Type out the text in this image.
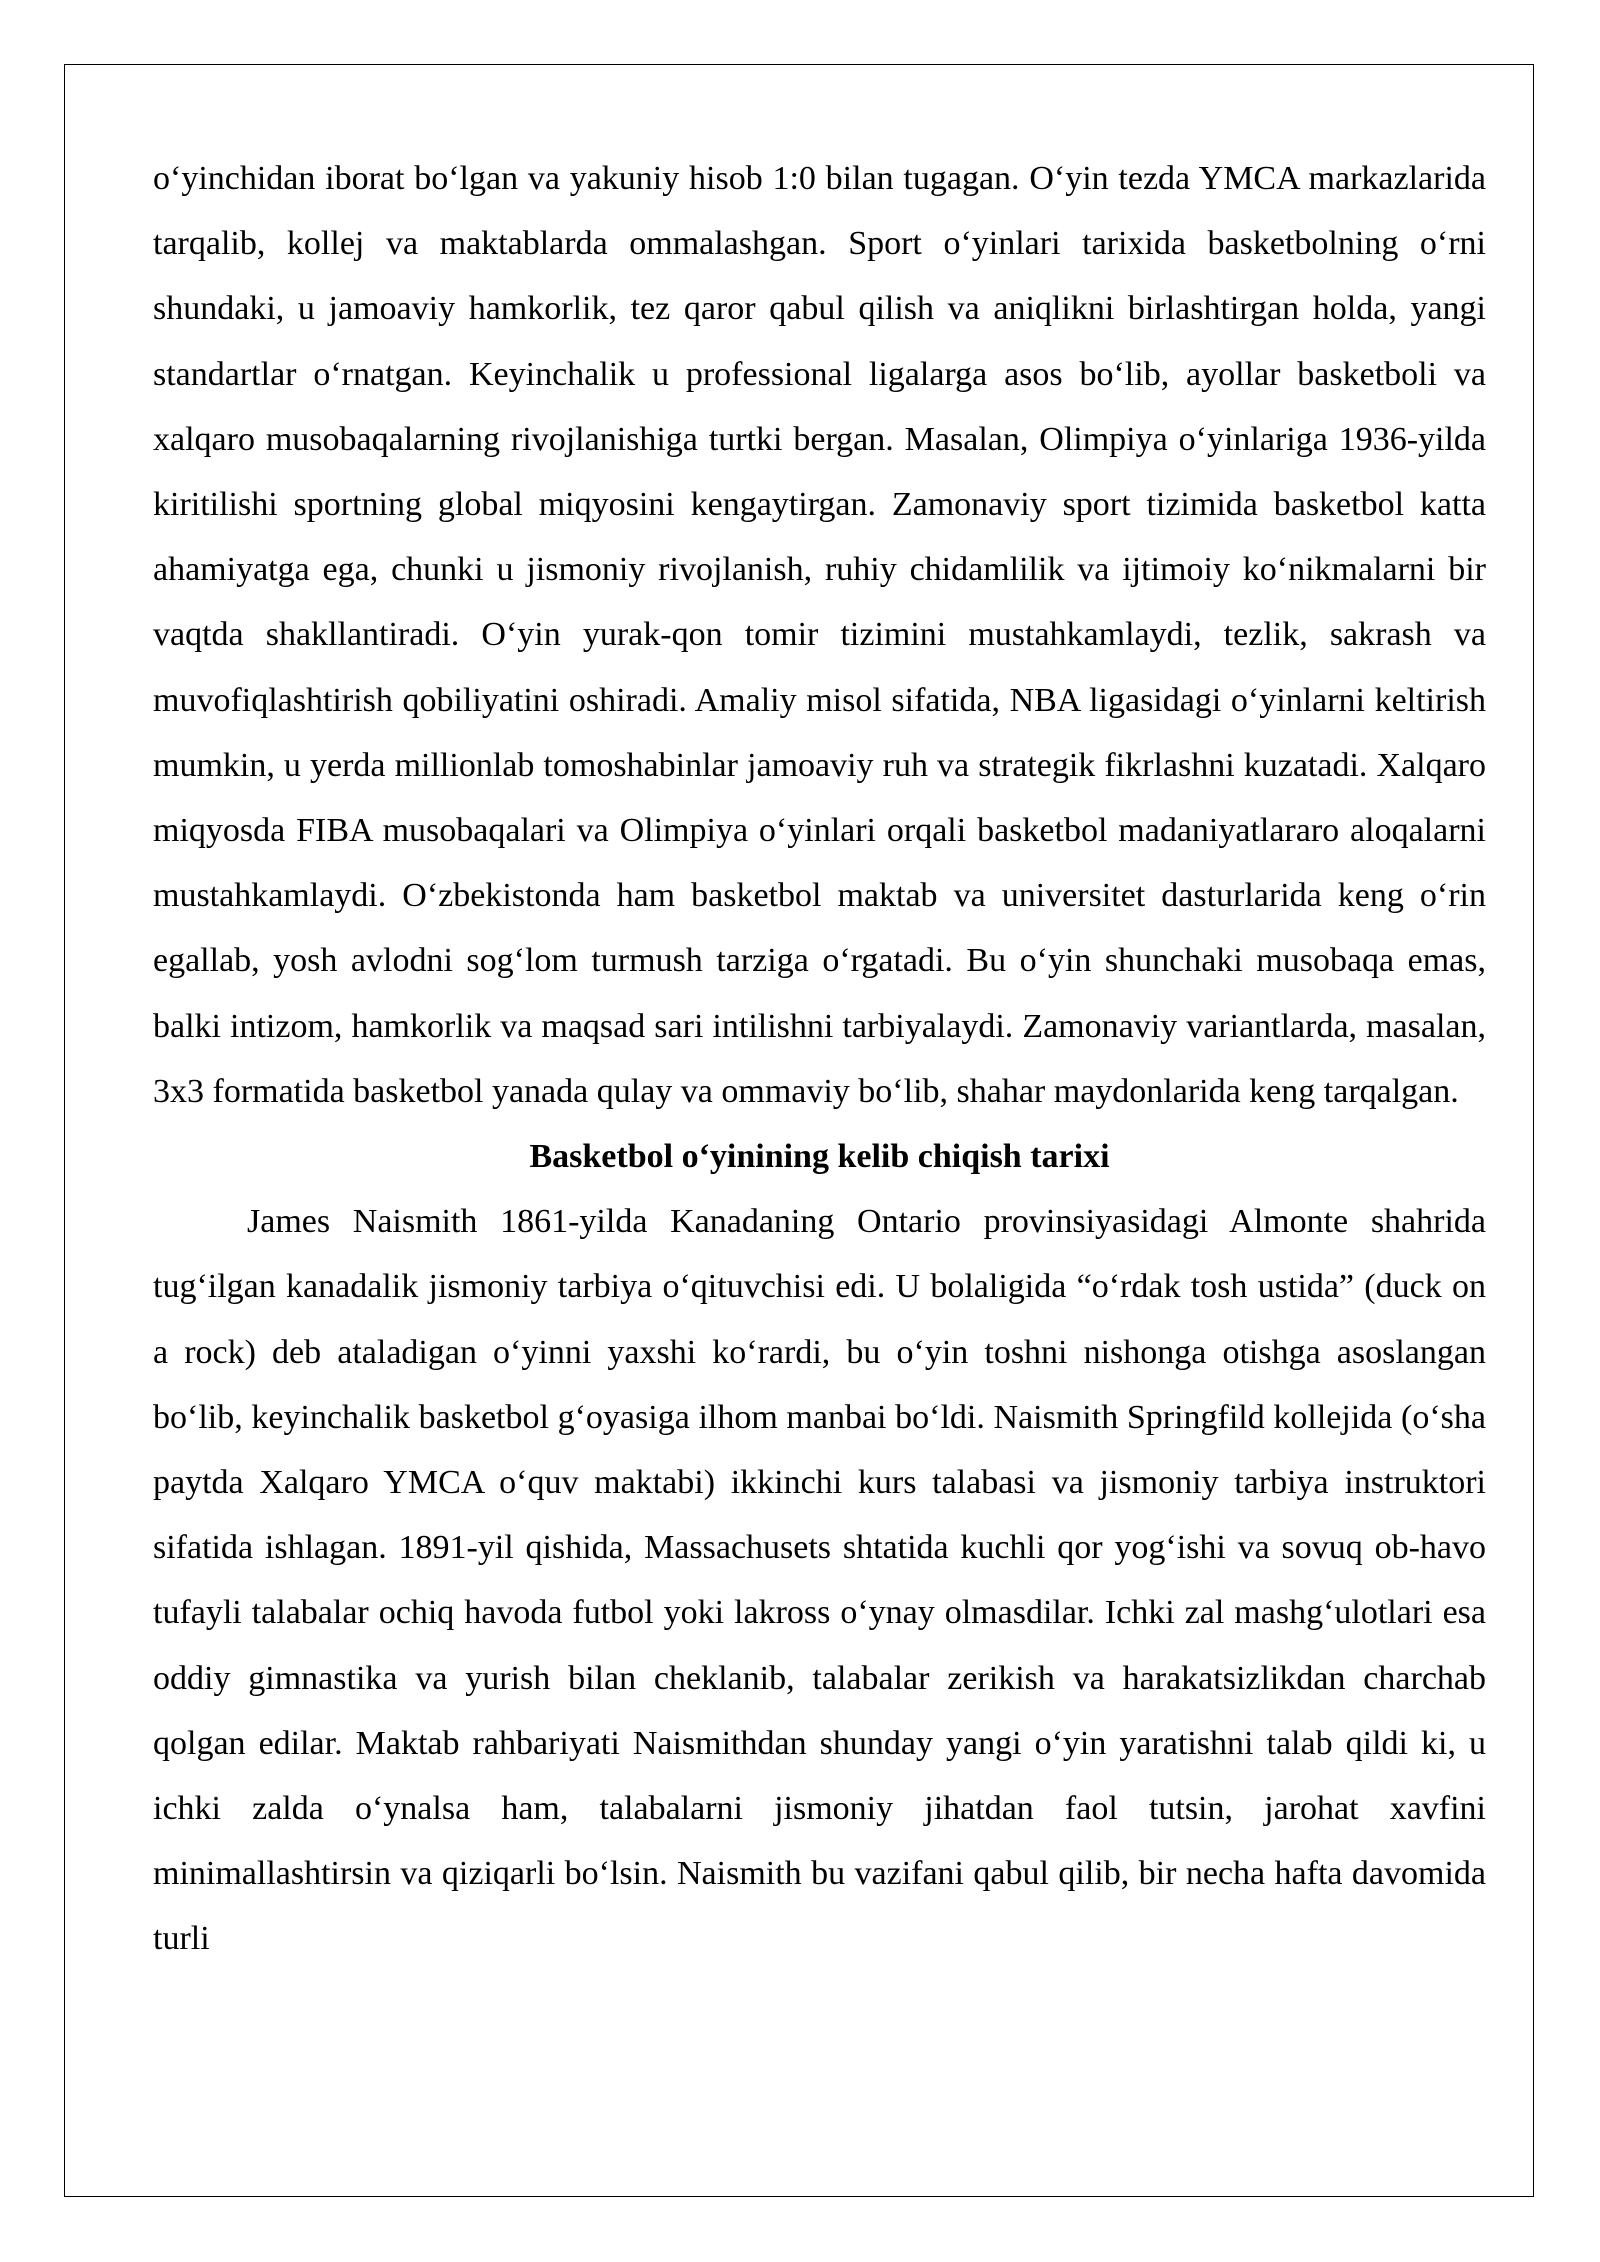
o‘yinchidan iborat bo‘lgan va yakuniy hisob 1:0 bilan tugagan. O‘yin tezda YMCA markazlarida tarqalib, kollej va maktablarda ommalashgan. Sport o‘yinlari tarixida basketbolning o‘rni shundaki, u jamoaviy hamkorlik, tez qaror qabul qilish va aniqlikni birlashtirgan holda, yangi standartlar o‘rnatgan. Keyinchalik u professional ligalarga asos bo‘lib, ayollar basketboli va xalqaro musobaqalarning rivojlanishiga turtki bergan. Masalan, Olimpiya o‘yinlariga 1936-yilda kiritilishi sportning global miqyosini kengaytirgan. Zamonaviy sport tizimida basketbol katta ahamiyatga ega, chunki u jismoniy rivojlanish, ruhiy chidamlilik va ijtimoiy ko‘nikmalarni bir vaqtda shakllantiradi. O‘yin yurak-qon tomir tizimini mustahkamlaydi, tezlik, sakrash va muvofiqlashtirish qobiliyatini oshiradi. Amaliy misol sifatida, NBA ligasidagi o‘yinlarni keltirish mumkin, u yerda millionlab tomoshabinlar jamoaviy ruh va strategik fikrlashni kuzatadi. Xalqaro miqyosda FIBA musobaqalari va Olimpiya o‘yinlari orqali basketbol madaniyatlararo aloqalarni mustahkamlaydi. O‘zbekistonda ham basketbol maktab va universitet dasturlarida keng o‘rin egallab, yosh avlodni sog‘lom turmush tarziga o‘rgatadi. Bu o‘yin shunchaki musobaqa emas, balki intizom, hamkorlik va maqsad sari intilishni tarbiyalaydi. Zamonaviy variantlarda, masalan, 3x3 formatida basketbol yanada qulay va ommaviy bo‘lib, shahar maydonlarida keng tarqalgan.

Basketbol o‘yinining kelib chiqish tarixi

James Naismith 1861-yilda Kanadaning Ontario provinsiyasidagi Almonte shahrida tug‘ilgan kanadalik jismoniy tarbiya o‘qituvchisi edi. U bolaligida “o‘rdak tosh ustida” (duck on a rock) deb ataladigan o‘yinni yaxshi ko‘rardi, bu o‘yin toshni nishonga otishga asoslangan bo‘lib, keyinchalik basketbol g‘oyasiga ilhom manbai bo‘ldi. Naismith Springfild kollejida (o‘sha paytda Xalqaro YMCA o‘quv maktabi) ikkinchi kurs talabasi va jismoniy tarbiya instruktori sifatida ishlagan. 1891-yil qishida, Massachusets shtatida kuchli qor yog‘ishi va sovuq ob-havo tufayli talabalar ochiq havoda futbol yoki lakross o‘ynay olmasdilar. Ichki zal mashg‘ulotlari esa oddiy gimnastika va yurish bilan cheklanib, talabalar zerikish va harakatsizlikdan charchab qolgan edilar. Maktab rahbariyati Naismithdan shunday yangi o‘yin yaratishni talab qildi ki, u ichki zalda o‘ynalsa ham, talabalarni jismoniy jihatdan faol tutsin, jarohat xavfini minimallashtirsin va qiziqarli bo‘lsin. Naismith bu vazifani qabul qilib, bir necha hafta davomida turli
